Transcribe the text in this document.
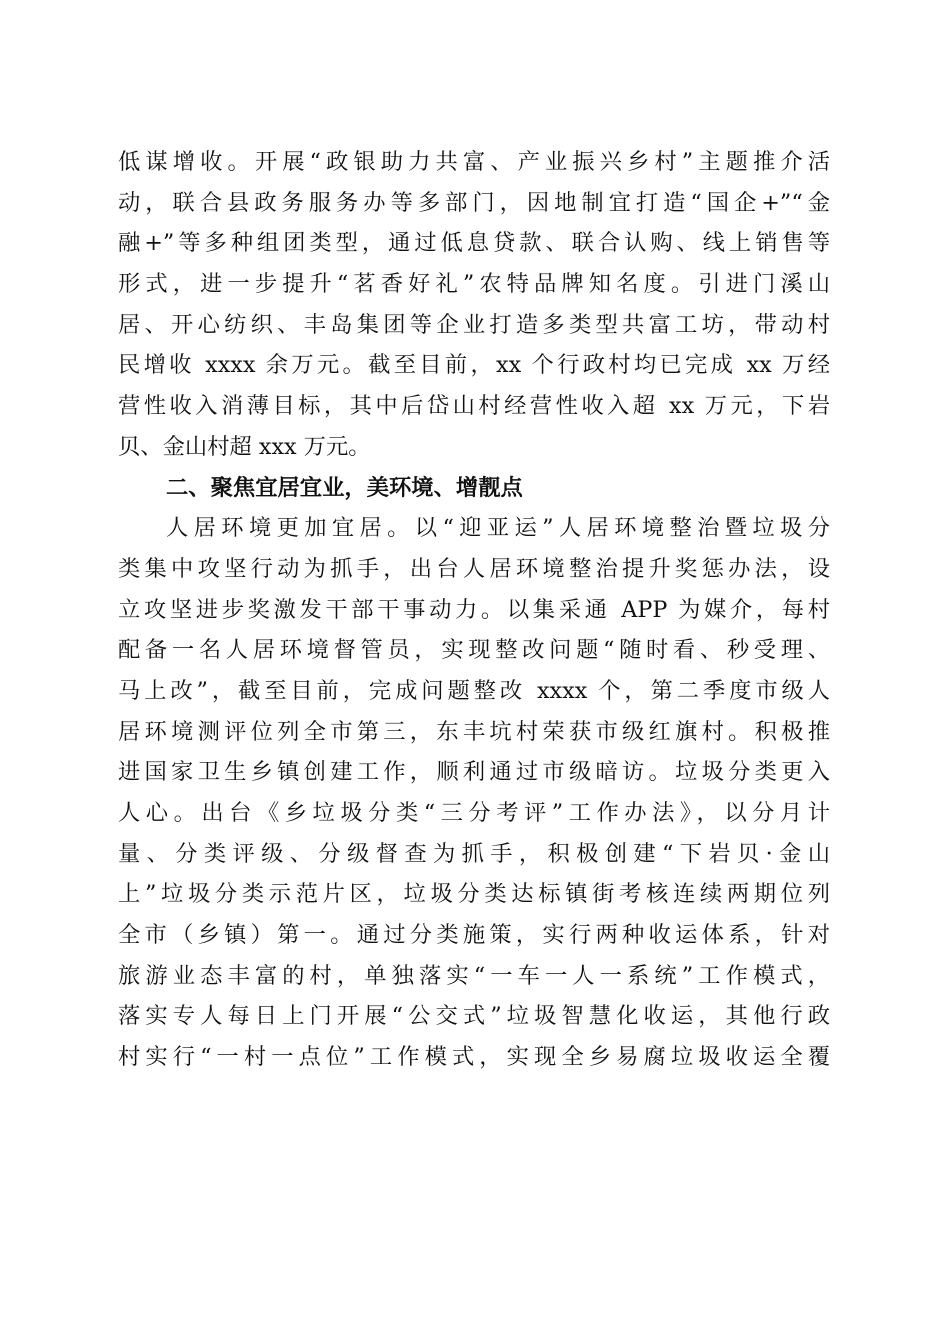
低谋增收。开展“政银助力共富、产业振兴乡村”主题推介活
动，联合县政务服务办等多部门，因地制宜打造“国企+”“金
融+”等多种组团类型，通过低息贷款、联合认购、线上销售等
形式，进一步提升“茗香好礼”农特品牌知名度。引进门溪山
居、开心纺织、丰岛集团等企业打造多类型共富工坊，带动村
民增收 xxxx 余万元。截至目前，xx 个行政村均已完成 xx 万经
营性收入消薄目标，其中后岱山村经营性收入超 xx 万元，下岩
贝、金山村超 xxx 万元。
二、聚焦宜居宜业，美环境、增靓点
人居环境更加宜居。以“迎亚运”人居环境整治暨垃圾分
类集中攻坚行动为抓手，出台人居环境整治提升奖惩办法，设
立攻坚进步奖激发干部干事动力。以集采通 APP 为媒介，每村
配备一名人居环境督管员，实现整改问题“随时看、秒受理、
马上改”，截至目前，完成问题整改 xxxx 个，第二季度市级人
居环境测评位列全市第三，东丰坑村荣获市级红旗村。积极推
进国家卫生乡镇创建工作，顺利通过市级暗访。垃圾分类更入
人心。出台《乡垃圾分类“三分考评”工作办法》，以分月计
量、分类评级、分级督查为抓手，积极创建“下岩贝·金山
上”垃圾分类示范片区，垃圾分类达标镇街考核连续两期位列
全市（乡镇）第一。通过分类施策，实行两种收运体系，针对
旅游业态丰富的村，单独落实“一车一人一系统”工作模式，
落实专人每日上门开展“公交式”垃圾智慧化收运，其他行政
村实行“一村一点位”工作模式，实现全乡易腐垃圾收运全覆
